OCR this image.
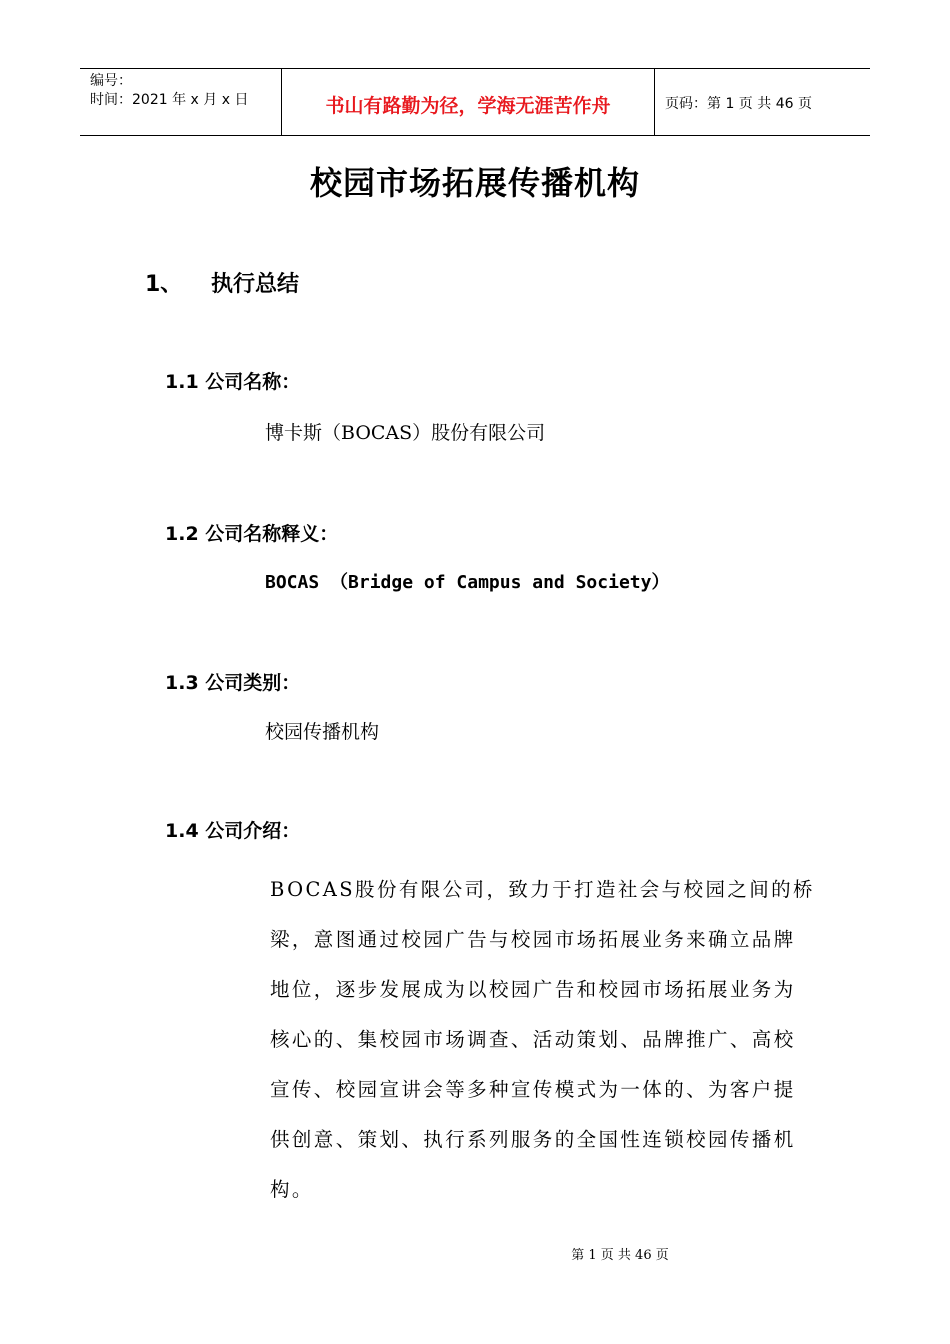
编号：
时间：2021 年 x 月 x 日	书山有路勤为径，学海无涯苦作舟	页码：第 1 页 共 46 页
校园市场拓展传播机构
1、 执行总结
1.1 公司名称：
博卡斯（BOCAS）股份有限公司
1.2 公司名称释义：
BOCAS （Bridge of Campus and Society）
1.3 公司类别：
校园传播机构
1.4 公司介绍：
BOCAS股份有限公司，致力于打造社会与校园之间的桥
梁，意图通过校园广告与校园市场拓展业务来确立品牌
地位，逐步发展成为以校园广告和校园市场拓展业务为
核心的、集校园市场调查、活动策划、品牌推广、高校
宣传、校园宣讲会等多种宣传模式为一体的、为客户提
供创意、策划、执行系列服务的全国性连锁校园传播机
构。
第 1 页 共 46 页
